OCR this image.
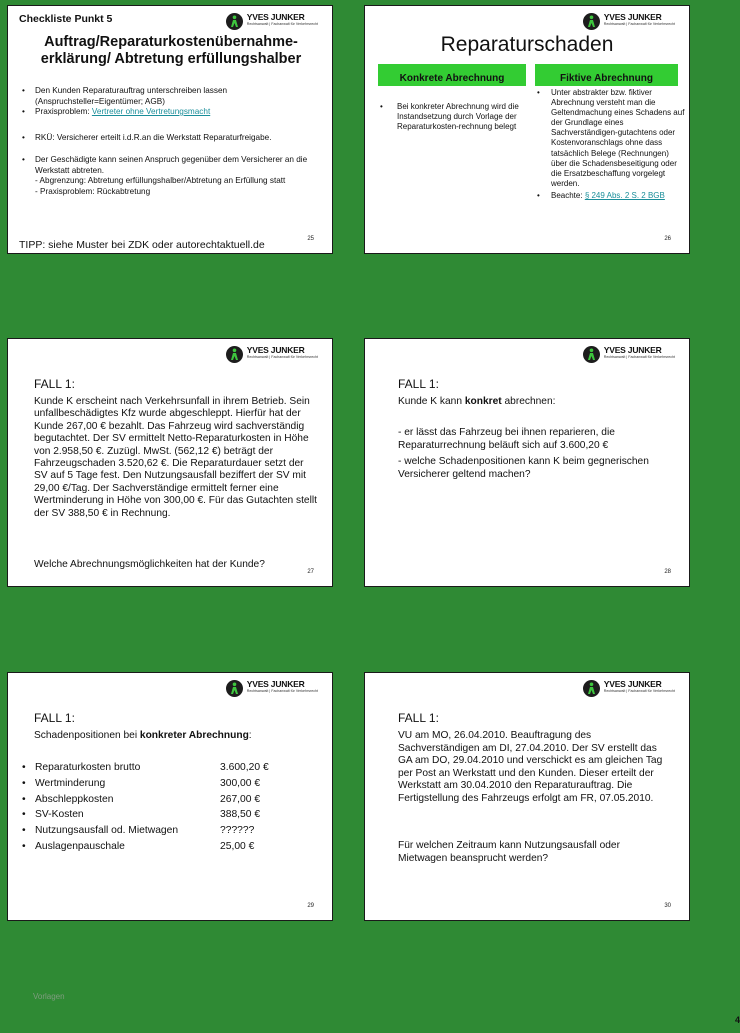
YVES JUNKER
Rechtsanwalt | Fachanwalt für Verkehrsrecht
Checkliste Punkt 5
Auftrag/Reparaturkostenübernahme-
erklärung/ Abtretung erfüllungshalber
• Den Kunden Reparaturauftrag unterschreiben lassen (Anspruchsteller=Eigentümer; AGB)
• Praxisproblem: Vertreter ohne Vertretungsmacht
• RKÜ: Versicherer erteilt i.d.R.an die Werkstatt Reparaturfreigabe.
• Der Geschädigte kann seinen Anspruch gegenüber dem Versicherer an die Werkstatt abtreten.
- Abgrenzung: Abtretung erfüllungshalber/Abtretung an Erfüllung statt
- Praxisproblem: Rückabtretung
TIPP: siehe Muster bei ZDK oder autorechtaktuell.de	25
YVES JUNKER
Rechtsanwalt | Fachanwalt für Verkehrsrecht
Reparaturschaden
Konkrete Abrechnung	Fiktive Abrechnung
• Bei konkreter Abrechnung wird die Instandsetzung durch Vorlage der Reparaturkosten-rechnung belegt
• Unter abstrakter bzw. fiktiver Abrechnung versteht man die Geltendmachung eines Schadens auf der Grundlage eines Sachverständigen-gutachtens oder Kostenvoranschlags ohne dass tatsächlich Belege (Rechnungen) über die Schadensbeseitigung oder die Ersatzbeschaffung vorgelegt werden.
• Beachte: § 249 Abs. 2 S. 2 BGB
26
YVES JUNKER
Rechtsanwalt | Fachanwalt für Verkehrsrecht
FALL 1:
Kunde K erscheint nach Verkehrsunfall in ihrem Betrieb. Sein unfallbeschädigtes Kfz wurde abgeschleppt. Hierfür hat der Kunde 267,00 € bezahlt. Das Fahrzeug wird sachverständig begutachtet. Der SV ermittelt Netto-Reparaturkosten in Höhe von 2.958,50 €. Zuzügl. MwSt. (562,12 €) beträgt der Fahrzeugschaden 3.520,62 €. Die Reparaturdauer setzt der SV auf 5 Tage fest. Den Nutzungsausfall beziffert der SV mit 29,00 €/Tag. Der Sachverständige ermittelt ferner eine Wertminderung in Höhe von 300,00 €. Für das Gutachten stellt der SV 388,50 € in Rechnung.
Welche Abrechnungsmöglichkeiten hat der Kunde?
27
YVES JUNKER
Rechtsanwalt | Fachanwalt für Verkehrsrecht
FALL 1:
Kunde K kann konkret abrechnen:
- er lässt das Fahrzeug bei ihnen reparieren, die Reparaturrechnung beläuft sich auf 3.600,20 €
- welche Schadenpositionen kann K beim gegnerischen Versicherer geltend machen?
28
YVES JUNKER
Rechtsanwalt | Fachanwalt für Verkehrsrecht
FALL 1:
Schadenpositionen bei konkreter Abrechnung:
• Reparaturkosten brutto	3.600,20 €
• Wertminderung	300,00 €
• Abschleppkosten	267,00 €
• SV-Kosten	388,50 €
• Nutzungsausfall od. Mietwagen	??????
• Auslagenpauschale	25,00 €
29
YVES JUNKER
Rechtsanwalt | Fachanwalt für Verkehrsrecht
FALL 1:
VU am MO, 26.04.2010. Beauftragung des Sachverständigen am DI, 27.04.2010. Der SV erstellt das GA am DO, 29.04.2010 und verschickt es am gleichen Tag per Post an Werkstatt und den Kunden. Dieser erteilt der Werkstatt am 30.04.2010 den Reparaturauftrag. Die Fertigstellung des Fahrzeugs erfolgt am FR, 07.05.2010.
Für welchen Zeitraum kann Nutzungsausfall oder Mietwagen beansprucht werden?
30
Vorlagen
4
